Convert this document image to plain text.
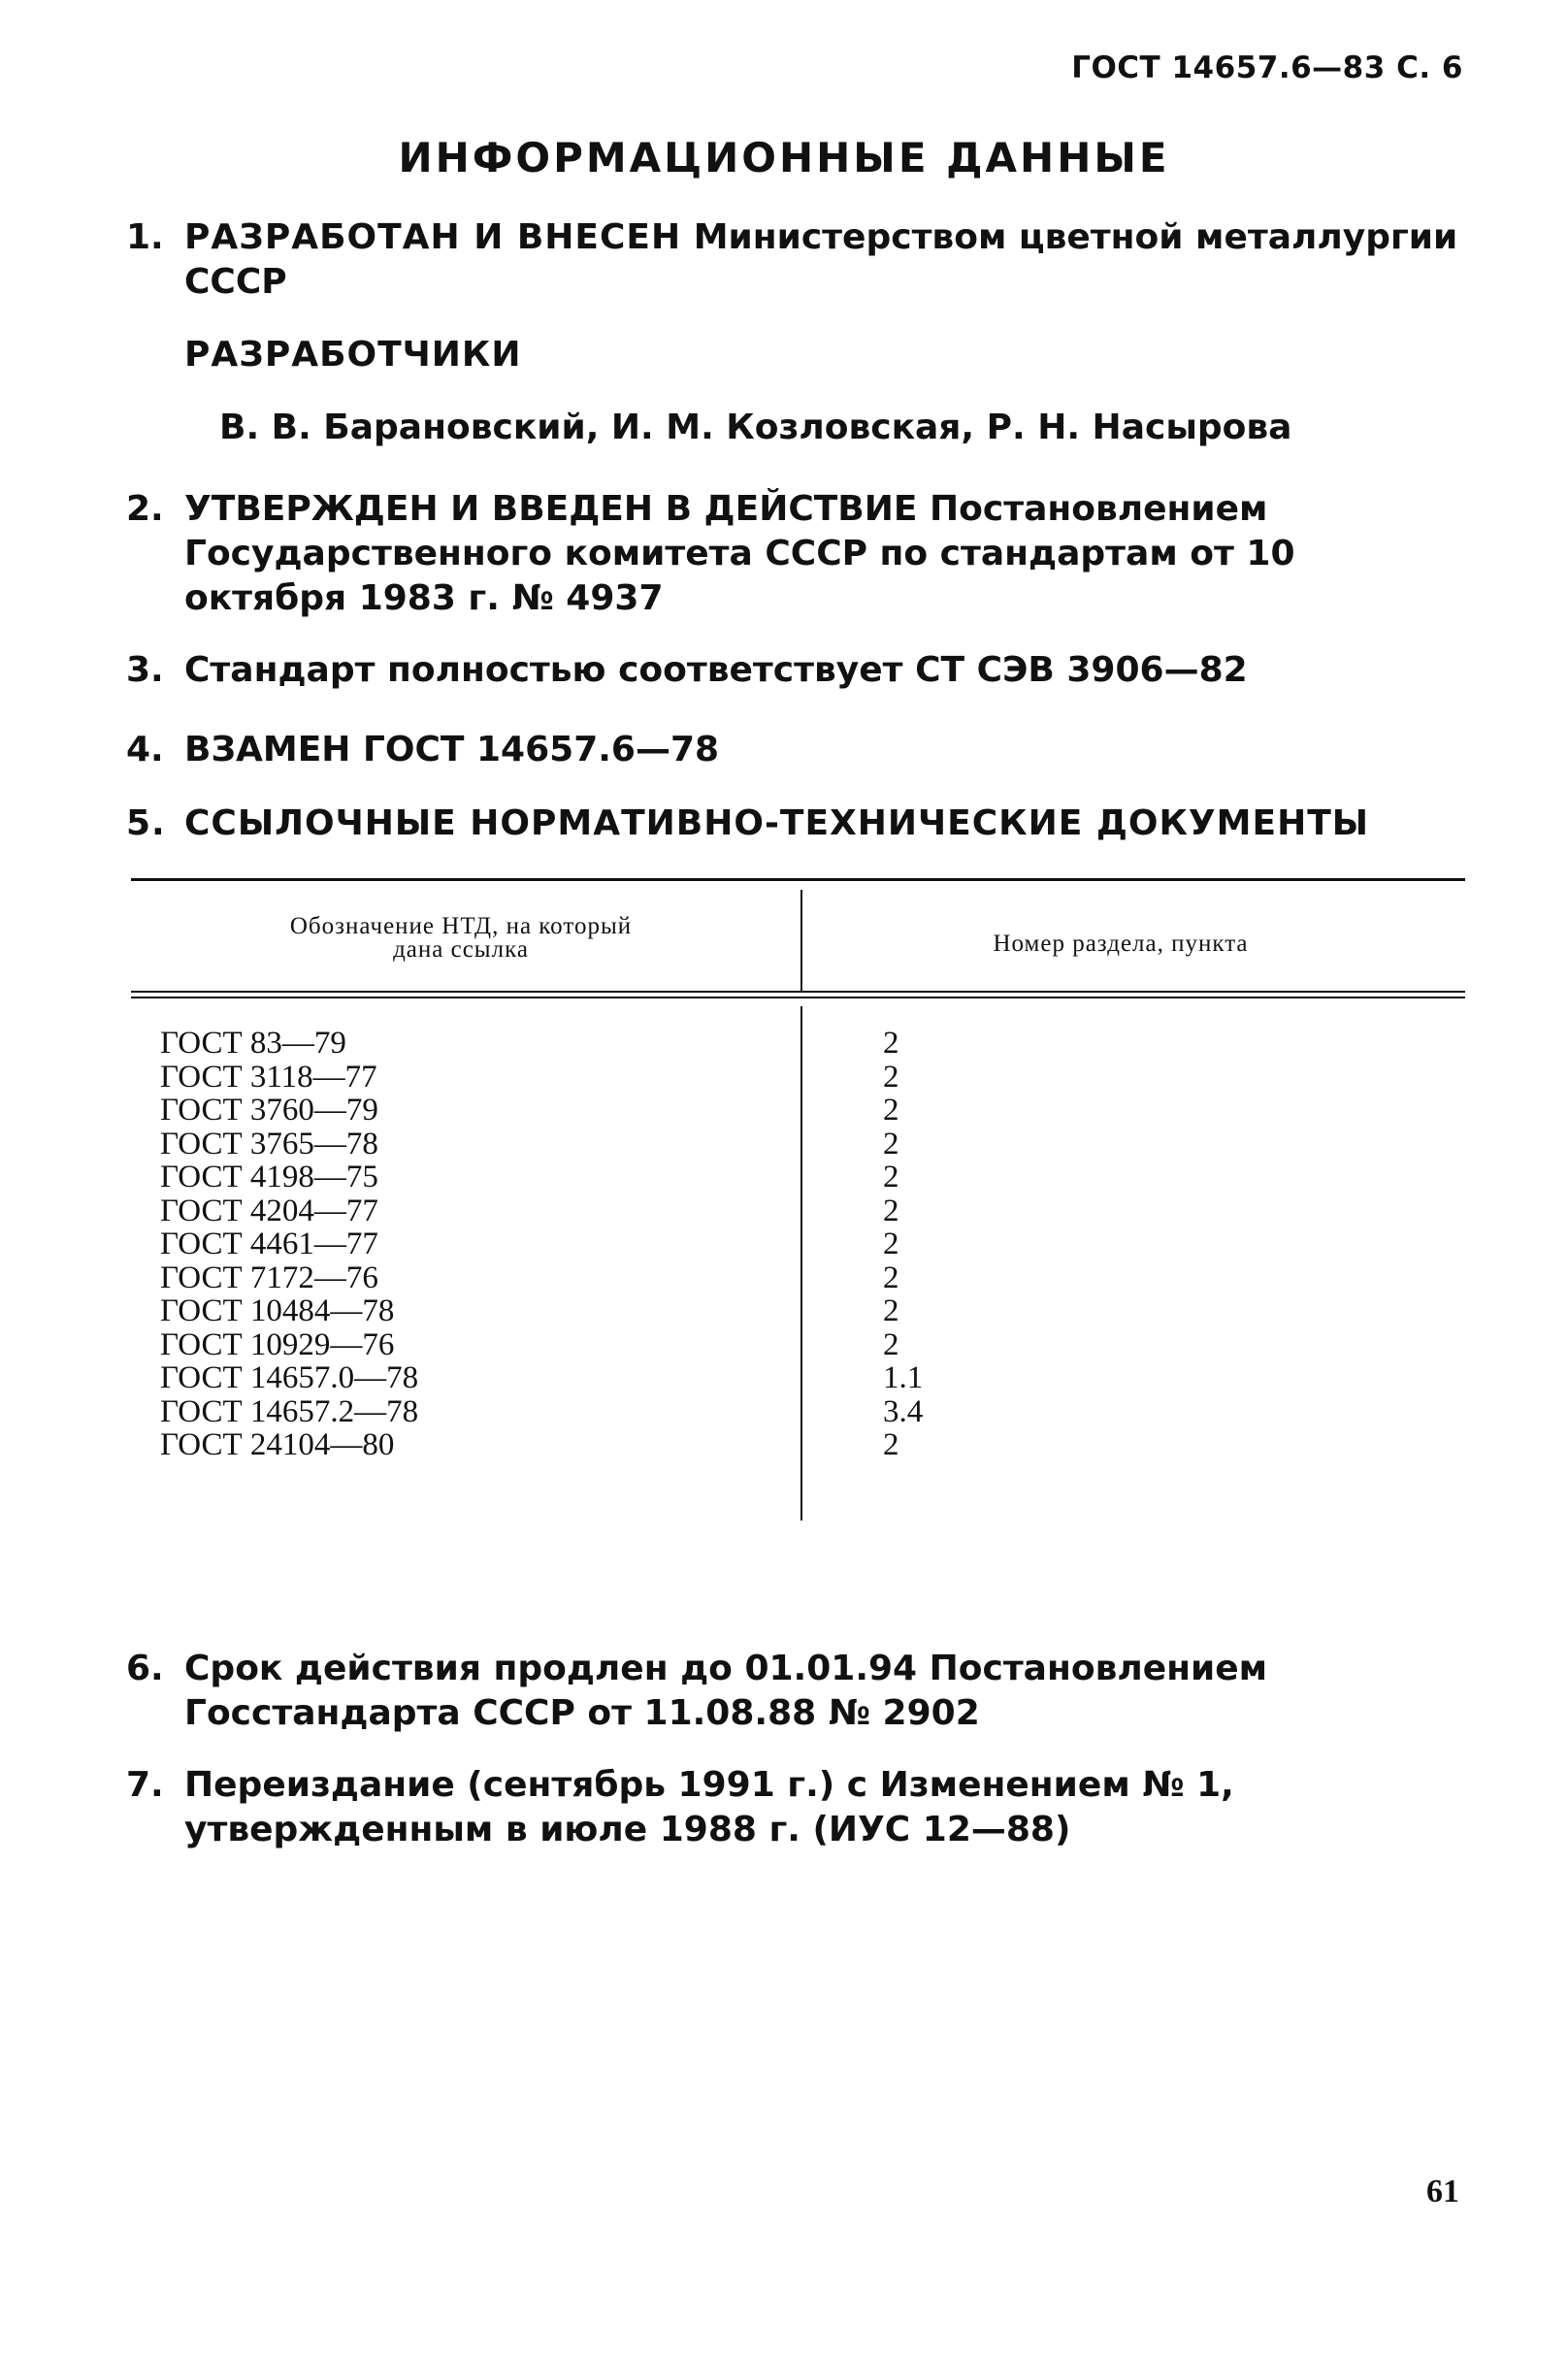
ГОСТ 14657.6—83 С. 6
ИНФОРМАЦИОННЫЕ ДАННЫЕ
1. РАЗРАБОТАН И ВНЕСЕН Министерством цветной металлургии СССР
РАЗРАБОТЧИКИ
В. В. Барановский, И. М. Козловская, Р. Н. Насырова
2. УТВЕРЖДЕН И ВВЕДЕН В ДЕЙСТВИЕ Постановлением Государственного комитета СССР по стандартам от 10 октября 1983 г. № 4937
3. Стандарт полностью соответствует СТ СЭВ 3906—82
4. ВЗАМЕН ГОСТ 14657.6—78
5. ССЫЛОЧНЫЕ НОРМАТИВНО-ТЕХНИЧЕСКИЕ ДОКУМЕНТЫ
Обозначение НТД, на который
дана ссылка	Номер раздела, пункта
ГОСТ 83—79
ГОСТ 3118—77
ГОСТ 3760—79
ГОСТ 3765—78
ГОСТ 4198—75
ГОСТ 4204—77
ГОСТ 4461—77
ГОСТ 7172—76
ГОСТ 10484—78
ГОСТ 10929—76
ГОСТ 14657.0—78
ГОСТ 14657.2—78
ГОСТ 24104—80
2
2
2
2
2
2
2
2
2
2
1.1
3.4
2
6. Срок действия продлен до 01.01.94 Постановлением Госстандарта СССР от 11.08.88 № 2902
7. Переиздание (сентябрь 1991 г.) с Изменением № 1, утвержденным в июле 1988 г. (ИУС 12—88)
61
